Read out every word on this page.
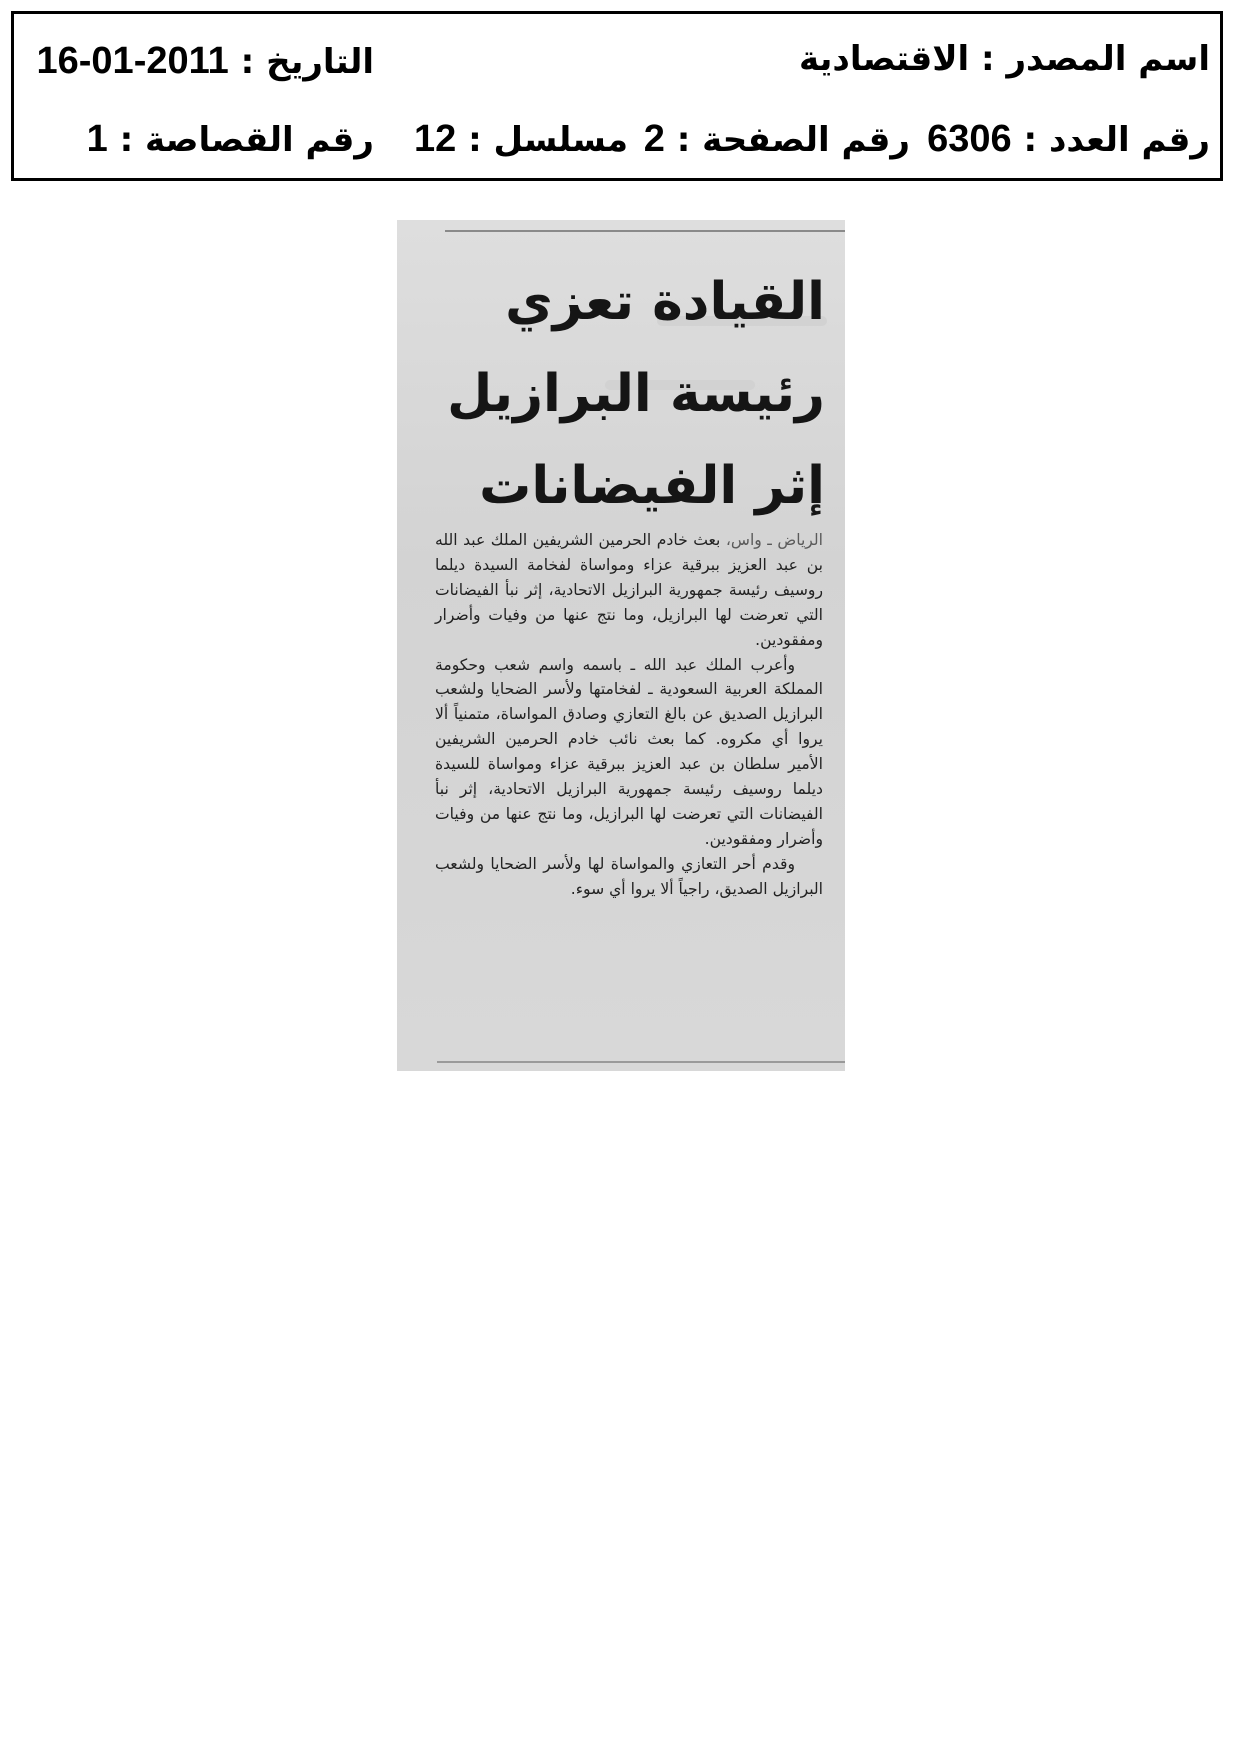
اسم المصدر : الاقتصادية
التاريخ : 2011-01-16
رقم العدد : 6306
رقم الصفحة : 2
مسلسل : 12
رقم القصاصة : 1
القيادة تعزي
رئيسة البرازيل
إثر الفيضانات

الرياض ـ واس، بعث خادم الحرمين الشريفين الملك عبد الله بن عبد العزيز ببرقية عزاء ومواساة لفخامة السيدة ديلما روسيف رئيسة جمهورية البرازيل الاتحادية، إثر نبأ الفيضانات التي تعرضت لها البرازيل، وما نتج عنها من وفيات وأضرار ومفقودين.

وأعرب الملك عبد الله ـ باسمه واسم شعب وحكومة المملكة العربية السعودية ـ لفخامتها ولأسر الضحايا ولشعب البرازيل الصديق عن بالغ التعازي وصادق المواساة، متمنياً ألا يروا أي مكروه. كما بعث نائب خادم الحرمين الشريفين الأمير سلطان بن عبد العزيز ببرقية عزاء ومواساة للسيدة ديلما روسيف رئيسة جمهورية البرازيل الاتحادية، إثر نبأ الفيضانات التي تعرضت لها البرازيل، وما نتج عنها من وفيات وأضرار ومفقودين.

وقدم أحر التعازي والمواساة لها ولأسر الضحايا ولشعب البرازيل الصديق، راجياً ألا يروا أي سوء.
